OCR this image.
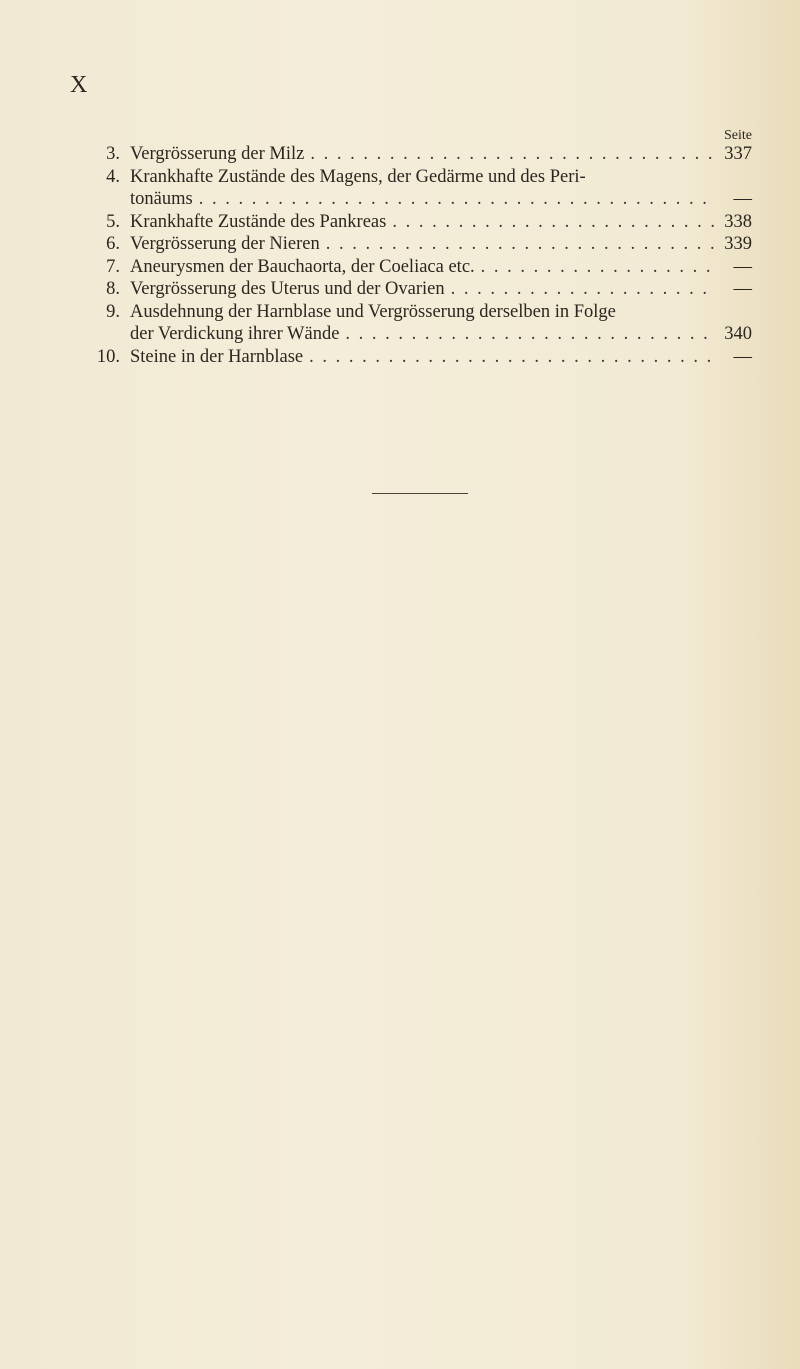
X
Seite
3. Vergrösserung der Milz . . .	337
4. Krankhafte Zustände des Magens, der Gedärme und des Peri-
tonäums . . .	—
5. Krankhafte Zustände des Pankreas . . .	338
6. Vergrösserung der Nieren . . .	339
7. Aneurysmen der Bauchaorta, der Coeliaca etc. . . .	—
8. Vergrösserung des Uterus und der Ovarien . . .	—
9. Ausdehnung der Harnblase und Vergrösserung derselben in Folge
der Verdickung ihrer Wände . . .	340
10. Steine in der Harnblase . . .	—
